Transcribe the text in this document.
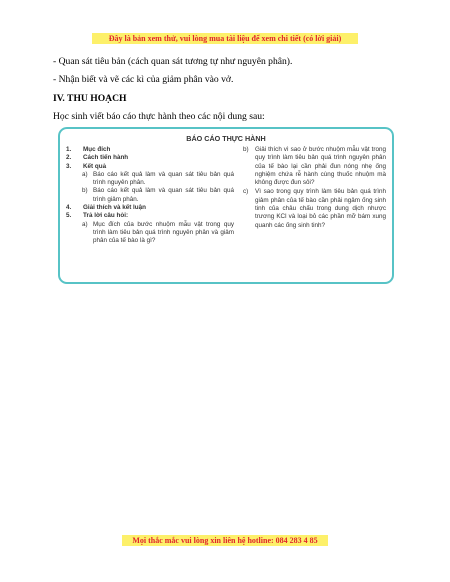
Đây là bản xem thử, vui lòng mua tài liệu để xem chi tiết (có lời giải)
- Quan sát tiêu bản (cách quan sát tương tự như nguyên phân).
- Nhận biết và vẽ các kì của giảm phân vào vở.
IV. THU HOẠCH
Học sinh viết báo cáo thực hành theo các nội dung sau:
BÁO CÁO THỰC HÀNH
1.	Mục đích
2.	Cách tiến hành
3.	Kết quả
a) Báo cáo kết quả làm và quan sát tiêu bản quá trình nguyên phân.
b) Báo cáo kết quả làm và quan sát tiêu bản quá trình giảm phân.
4.	Giải thích và kết luận
5.	Trả lời câu hỏi:
a) Mục đích của bước nhuộm mẫu vật trong quy trình làm tiêu bản quá trình nguyên phân và giảm phân của tế bào là gì?
b)	Giải thích vì sao ở bước nhuộm mẫu vật trong quy trình làm tiêu bản quá trình nguyên phân của tế bào lại cần phải đun nóng nhẹ ống nghiệm chứa rễ hành cùng thuốc nhuộm mà không được đun sôi?
c)	Vì sao trong quy trình làm tiêu bản quá trình giảm phân của tế bào cần phải ngâm ống sinh tinh của châu chấu trong dung dịch nhược trương KCl và loại bỏ các phần mỡ bám xung quanh các ống sinh tinh?
Mọi thắc mắc vui lòng xin liên hệ hotline: 084 283 4 85
